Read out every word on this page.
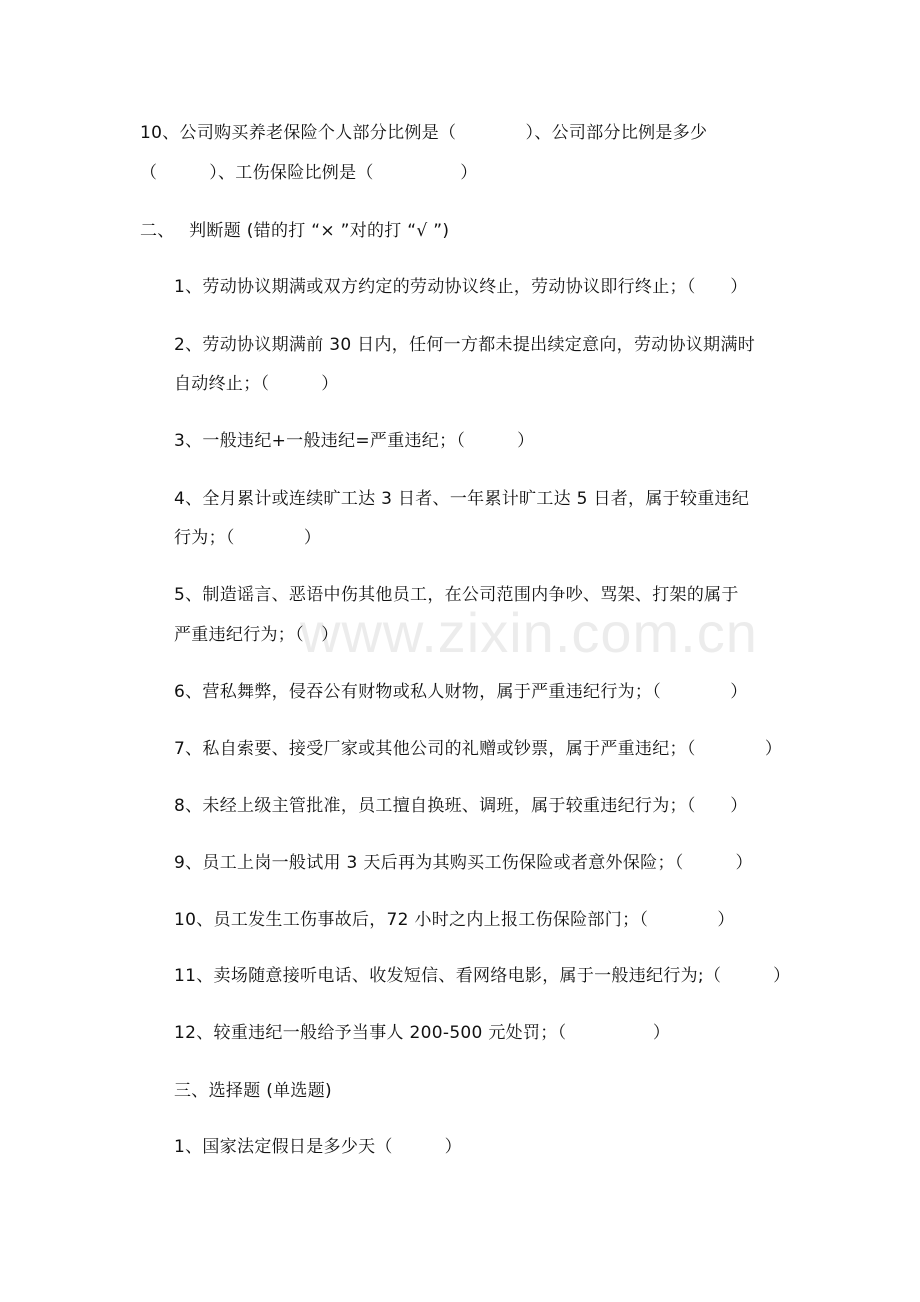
www.zixin.com.cn
10、公司购买养老保险个人部分比例是（　　　　）、公司部分比例是多少
（　　　）、工伤保险比例是（　　　　　）
二、　 判断题 (错的打 “× ”对的打 “√ ”)
1、劳动协议期满或双方约定的劳动协议终止，劳动协议即行终止；（　　）
2、劳动协议期满前 30 日内，任何一方都未提出续定意向，劳动协议期满时
自动终止；（　　　）
3、一般违纪+一般违纪=严重违纪；（　　　）
4、全月累计或连续旷工达 3 日者、一年累计旷工达 5 日者，属于较重违纪
行为；（　　　　）
5、制造谣言、恶语中伤其他员工，在公司范围内争吵、骂架、打架的属于
严重违纪行为；（　）
6、营私舞弊，侵吞公有财物或私人财物，属于严重违纪行为；（　　　　）
7、私自索要、接受厂家或其他公司的礼赠或钞票，属于严重违纪；（　　　　）
8、未经上级主管批准，员工擅自换班、调班，属于较重违纪行为；（　　）
9、员工上岗一般试用 3 天后再为其购买工伤保险或者意外保险；（　　　）
10、员工发生工伤事故后，72 小时之内上报工伤保险部门；（　　　　）
11、卖场随意接听电话、收发短信、看网络电影，属于一般违纪行为;（　　　）
12、较重违纪一般给予当事人 200-500 元处罚；（　　　　　）
三、选择题 (单选题)
1、国家法定假日是多少天（　　　）
